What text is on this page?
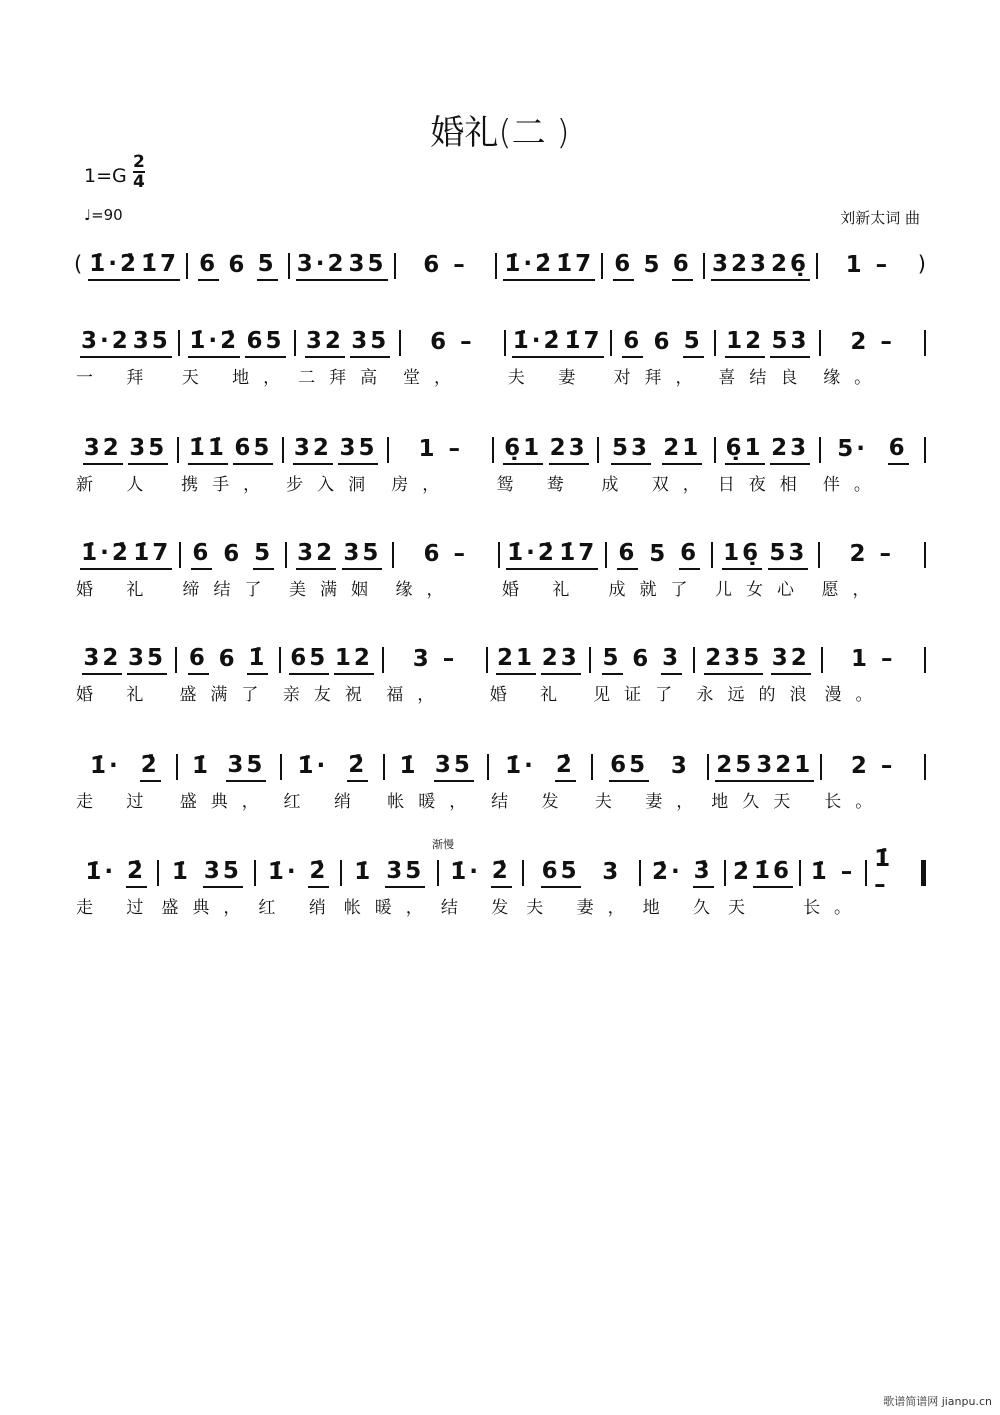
婚礼(二 )
1=G
2
4
♩=90	刘新太词 曲
渐慢
( 1̇·2̇ 1̇7 6 6 5 3·2 35 6 – 1̇·2̇ 1̇7 6 5 6 323 26̣ 1 – )
3·2 35
一 拜
1̇·2̇ 65
天 地，
32 35
二拜高
6 –
堂，
1̇·2̇ 1̇7
夫 妻
6 6 5
对拜，
12 53
喜结良
2 –
缘。
32 35
新 人
1̇1̇ 65
携手，
32 35
步入洞
1 –
房，
6̣1 23
鸳 鸯
53 21
成 双，
6̣1 23
日夜相
5· 6
伴。
1̇·2̇ 1̇7
婚 礼
6 6 5
缔结了
32 35
美满姻
6 –
缘，
1̇·2̇ 1̇7
婚 礼
6 5 6
成就了
16̣ 53
儿女心
2 –
愿，
32 35
婚 礼
6 6 1̇
盛满了
65 12
亲友祝
3 –
福，
21 23
婚 礼
5 6 3
见证了
235 32
永远的浪
1 –
漫。
1̇· 2̇
走 过
1̇ 35
盛典，
1̇· 2̇
红 绡
1̇ 35
帐暖，
1̇· 2̇
结 发
65 3
夫 妻，
25 321
地久天
2 –
长。
1̇· 2̇
走 过
1̇ 35
盛典，
1̇· 2̇
红 绡
1̇ 35
帐暖，
1̇· 2̇
结 发
65 3
夫 妻，
2̇· 3̇
地 久
2̇ 1̇6
天
1̇ –
长。
1̇ –
歌谱简谱网 jianpu.cn
